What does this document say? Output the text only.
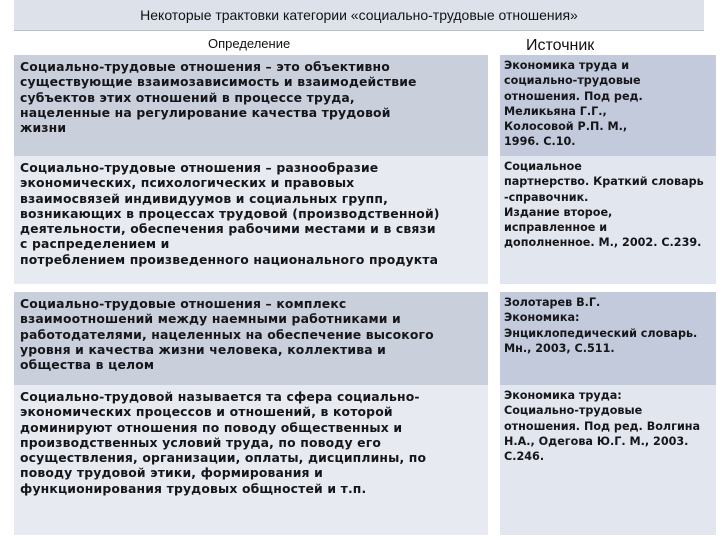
Некоторые трактовки категории «социально-трудовые отношения»
Определение	Источник
Социально-трудовые отношения – это объективно
существующие взаимозависимость и взаимодействие
субъектов этих отношений в процессе труда,
нацеленные на регулирование качества трудовой
жизни
Экономика труда и
социально-трудовые
отношения. Под ред.
Меликьяна Г.Г.,
Колосовой Р.П. М.,
1996. С.10.
Социально-трудовые отношения – разнообразие
экономических, психологических и правовых
взаимосвязей индивидуумов и социальных групп,
возникающих в процессах трудовой (производственной)
деятельности, обеспечения рабочими местами и в связи
с распределением и
потреблением произведенного национального продукта
Социальное
партнерство. Краткий словарь
-справочник.
Издание второе,
исправленное и
дополненное. М., 2002. С.239.
Социально-трудовые отношения – комплекс
взаимоотношений между наемными работниками и
работодателями, нацеленных на обеспечение высокого
уровня и качества жизни человека, коллектива и
общества в целом
Золотарев В.Г.
Экономика:
Энциклопедический словарь.
Мн., 2003, С.511.
Социально-трудовой называется та сфера социально-
экономических процессов и отношений, в которой
доминируют отношения по поводу общественных и
производственных условий труда, по поводу его
осуществления, организации, оплаты, дисциплины, по
поводу трудовой этики, формирования и
функционирования трудовых общностей и т.п.
Экономика труда:
Социально-трудовые
отношения. Под ред. Волгина
Н.А., Одегова Ю.Г. М., 2003.
С.246.
